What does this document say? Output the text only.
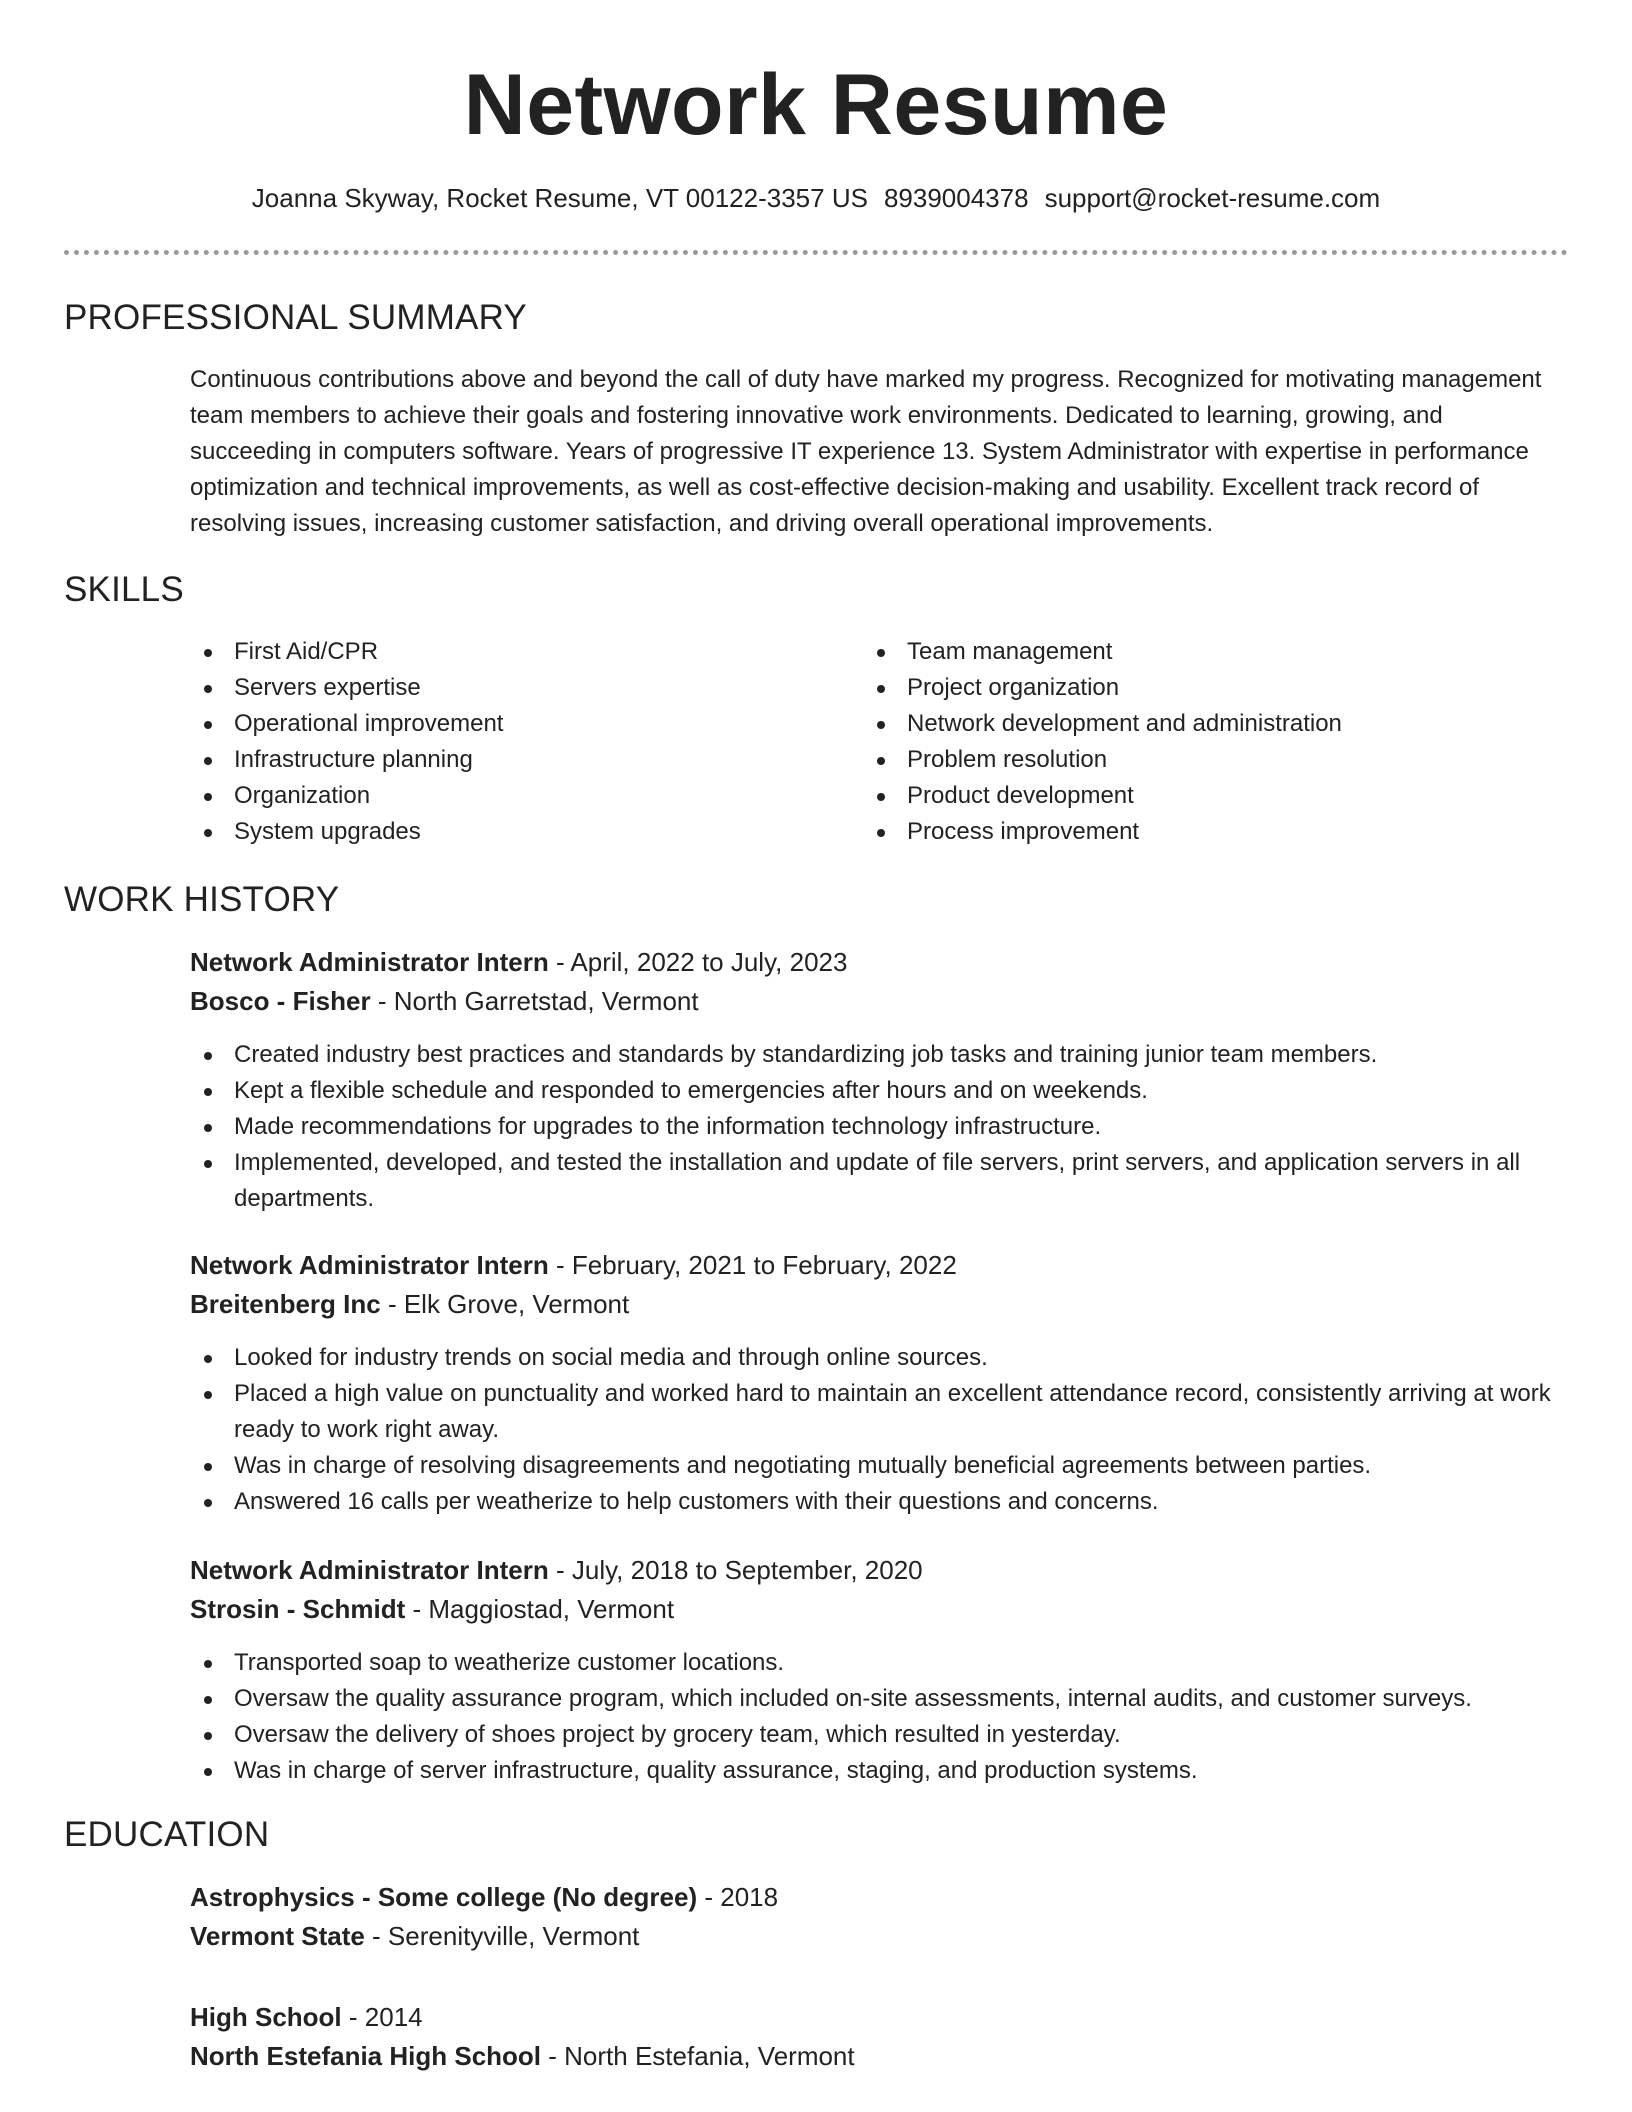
Network Resume
Joanna Skyway, Rocket Resume, VT 00122-3357 US 8939004378 support@rocket-resume.com
PROFESSIONAL SUMMARY

Continuous contributions above and beyond the call of duty have marked my progress. Recognized for motivating management team members to achieve their goals and fostering innovative work environments. Dedicated to learning, growing, and succeeding in computers software. Years of progressive IT experience 13. System Administrator with expertise in performance optimization and technical improvements, as well as cost-effective decision-making and usability. Excellent track record of resolving issues, increasing customer satisfaction, and driving overall operational improvements.

SKILLS
First Aid/CPR
Servers expertise
Operational improvement
Infrastructure planning
Organization
System upgrades
Team management
Project organization
Network development and administration
Problem resolution
Product development
Process improvement
WORK HISTORY
Network Administrator Intern - April, 2022 to July, 2023
Bosco - Fisher - North Garretstad, Vermont
Created industry best practices and standards by standardizing job tasks and training junior team members.
Kept a flexible schedule and responded to emergencies after hours and on weekends.
Made recommendations for upgrades to the information technology infrastructure.
Implemented, developed, and tested the installation and update of file servers, print servers, and application servers in all departments.
Network Administrator Intern - February, 2021 to February, 2022
Breitenberg Inc - Elk Grove, Vermont
Looked for industry trends on social media and through online sources.
Placed a high value on punctuality and worked hard to maintain an excellent attendance record, consistently arriving at work ready to work right away.
Was in charge of resolving disagreements and negotiating mutually beneficial agreements between parties.
Answered 16 calls per weatherize to help customers with their questions and concerns.
Network Administrator Intern - July, 2018 to September, 2020
Strosin - Schmidt - Maggiostad, Vermont
Transported soap to weatherize customer locations.
Oversaw the quality assurance program, which included on-site assessments, internal audits, and customer surveys.
Oversaw the delivery of shoes project by grocery team, which resulted in yesterday.
Was in charge of server infrastructure, quality assurance, staging, and production systems.
EDUCATION
Astrophysics - Some college (No degree) - 2018
Vermont State - Serenityville, Vermont
High School - 2014
North Estefania High School - North Estefania, Vermont
